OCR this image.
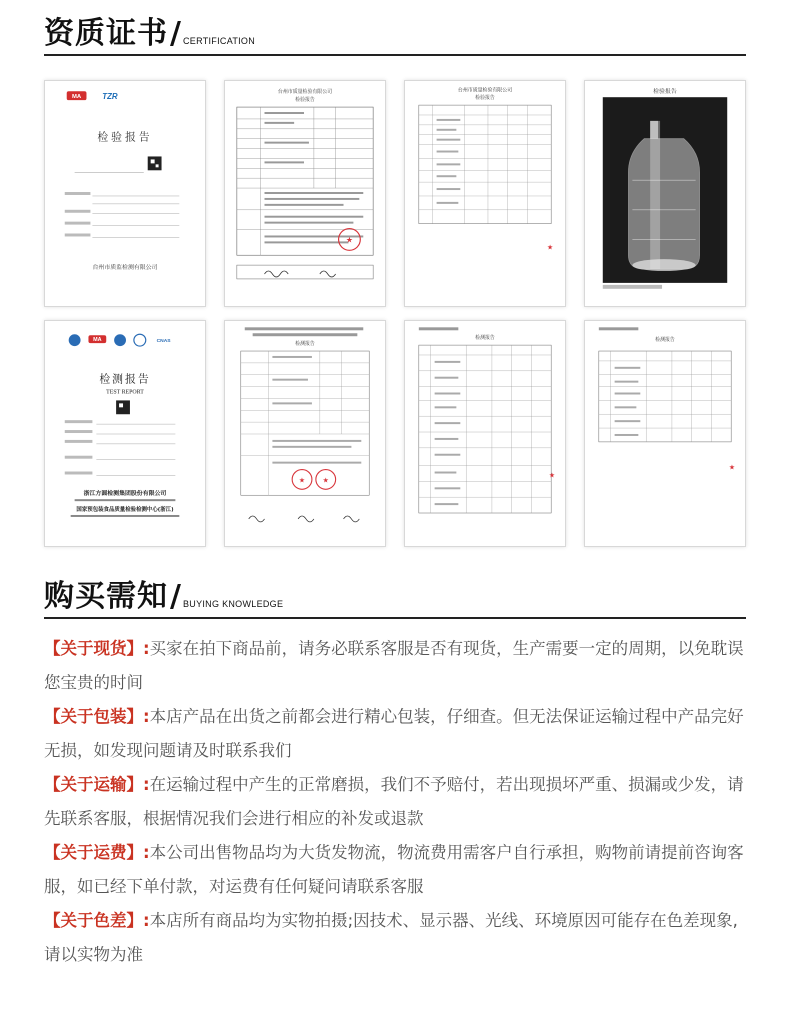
资质证书 / CERTIFICATION
MA	TZR
检验报告
台州市质监检测有限公司
台州市质量检验有限公司
检验报告
★
台州市质量检验有限公司
检验报告
★
检验报告
MA	CNAS
检测报告
TEST REPORT
浙江方圆检测集团股份有限公司
国家预包装食品质量检验检测中心(浙江)
检测报告
★	★
检测报告
★
检测报告
★
购买需知 / BUYING KNOWLEDGE

【关于现货】:买家在拍下商品前，请务必联系客服是否有现货，生产需要一定的周期，以免耽误您宝贵的时间

【关于包装】:本店产品在出货之前都会进行精心包装，仔细查。但无法保证运输过程中产品完好无损，如发现问题请及时联系我们

【关于运输】:在运输过程中产生的正常磨损，我们不予赔付，若出现损坏严重、损漏或少发，请先联系客服，根据情况我们会进行相应的补发或退款

【关于运费】:本公司出售物品均为大货发物流，物流费用需客户自行承担，购物前请提前咨询客服，如已经下单付款，对运费有任何疑问请联系客服

【关于色差】:本店所有商品均为实物拍摄;因技术、显示器、光线、环境原因可能存在色差现象,请以实物为准
